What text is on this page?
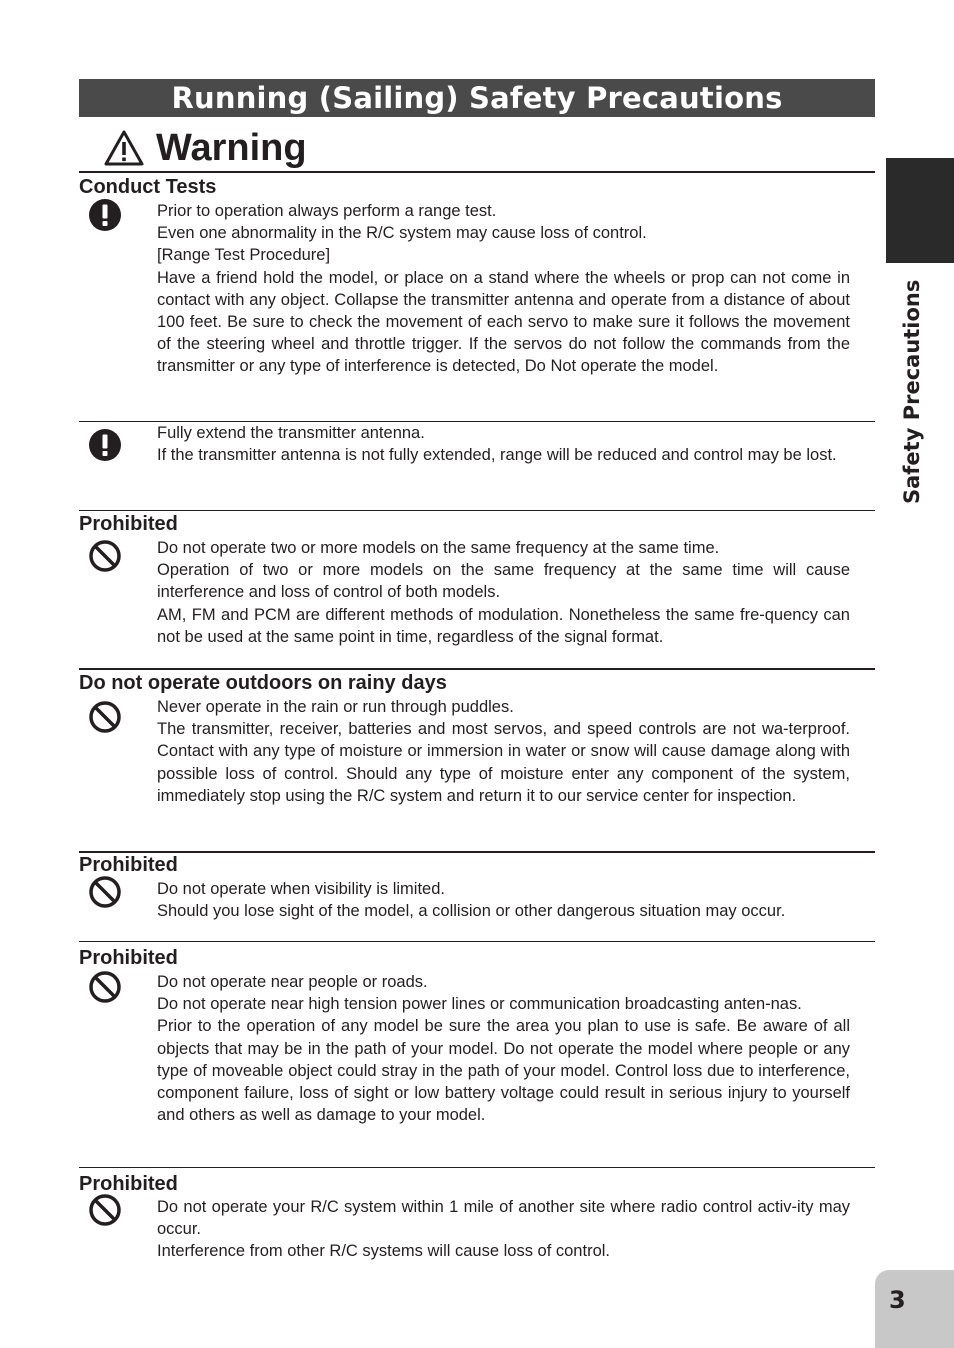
Running (Sailing) Safety Precautions
Warning
Safety Precautions
3
Conduct Tests

Prior to operation always perform a range test.

Even one abnormality in the R/C system may cause loss of control.

[Range Test Procedure]

Have a friend hold the model, or place on a stand where the wheels or prop can not come in contact with any object. Collapse the transmitter antenna and operate from a distance of about 100 feet. Be sure to check the movement of each servo to make sure it follows the movement of the steering wheel and throttle trigger. If the servos do not follow the commands from the transmitter or any type of interference is detected, Do Not operate the model.

Fully extend the transmitter antenna.

If the transmitter antenna is not fully extended, range will be reduced and control may be lost.

Prohibited

Do not operate two or more models on the same frequency at the same time.

Operation of two or more models on the same frequency at the same time will cause interference and loss of control of both models.

AM, FM and PCM are different methods of modulation. Nonetheless the same fre-quency can not be used at the same point in time, regardless of the signal format.

Do not operate outdoors on rainy days

Never operate in the rain or run through puddles.

The transmitter, receiver, batteries and most servos, and speed controls are not wa-terproof. Contact with any type of moisture or immersion in water or snow will cause damage along with possible loss of control. Should any type of moisture enter any component of the system, immediately stop using the R/C system and return it to our service center for inspection.

Prohibited

Do not operate when visibility is limited.

Should you lose sight of the model, a collision or other dangerous situation may occur.

Prohibited

Do not operate near people or roads.

Do not operate near high tension power lines or communication broadcasting anten-nas.

Prior to the operation of any model be sure the area you plan to use is safe. Be aware of all objects that may be in the path of your model. Do not operate the model where people or any type of moveable object could stray in the path of your model. Control loss due to interference, component failure, loss of sight or low battery voltage could result in serious injury to yourself and others as well as damage to your model.

Prohibited

Do not operate your R/C system within 1 mile of another site where radio control activ-ity may occur.

Interference from other R/C systems will cause loss of control.
